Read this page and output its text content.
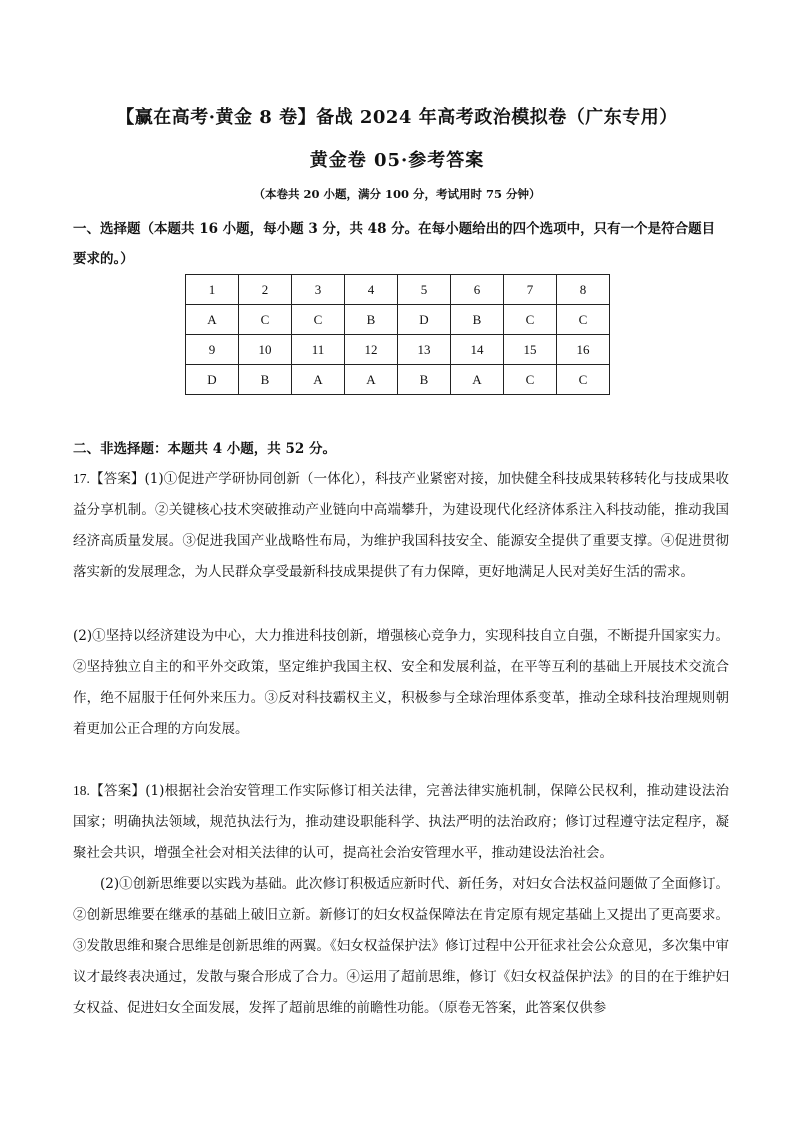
【赢在高考·黄金 8 卷】备战 2024 年高考政治模拟卷（广东专用）
黄金卷 05·参考答案
（本卷共 20 小题，满分 100 分，考试用时 75 分钟）
一、选择题（本题共 16 小题，每小题 3 分，共 48 分。在每小题给出的四个选项中，只有一个是符合题目要求的。）
1	2	3	4	5	6	7	8
A	C	C	B	D	B	C	C
9	10	11	12	13	14	15	16
D	B	A	A	B	A	C	C
二、非选择题：本题共 4 小题，共 52 分。
17.【答案】(1)①促进产学研协同创新（一体化），科技产业紧密对接，加快健全科技成果转移转化与技成果收益分享机制。②关键核心技术突破推动产业链向中高端攀升，为建设现代化经济体系注入科技动能，推动我国经济高质量发展。③促进我国产业战略性布局，为维护我国科技安全、能源安全提供了重要支撑。④促进贯彻落实新的发展理念，为人民群众享受最新科技成果提供了有力保障，更好地满足人民对美好生活的需求。
(2)①坚持以经济建设为中心，大力推进科技创新，增强核心竞争力，实现科技自立自强，不断提升国家实力。②坚持独立自主的和平外交政策，坚定维护我国主权、安全和发展利益，在平等互利的基础上开展技术交流合作，绝不屈服于任何外来压力。③反对科技霸权主义，积极参与全球治理体系变革，推动全球科技治理规则朝着更加公正合理的方向发展。
18.【答案】(1)根据社会治安管理工作实际修订相关法律，完善法律实施机制，保障公民权利，推动建设法治国家；明确执法领域，规范执法行为，推动建设职能科学、执法严明的法治政府；修订过程遵守法定程序，凝聚社会共识，增强全社会对相关法律的认可，提高社会治安管理水平，推动建设法治社会。
(2)①创新思维要以实践为基础。此次修订积极适应新时代、新任务，对妇女合法权益问题做了全面修订。②创新思维要在继承的基础上破旧立新。新修订的妇女权益保障法在肯定原有规定基础上又提出了更高要求。③发散思维和聚合思维是创新思维的两翼。《妇女权益保护法》修订过程中公开征求社会公众意见，多次集中审议才最终表决通过，发散与聚合形成了合力。④运用了超前思维，修订《妇女权益保护法》的目的在于维护妇女权益、促进妇女全面发展，发挥了超前思维的前瞻性功能。（原卷无答案，此答案仅供参
